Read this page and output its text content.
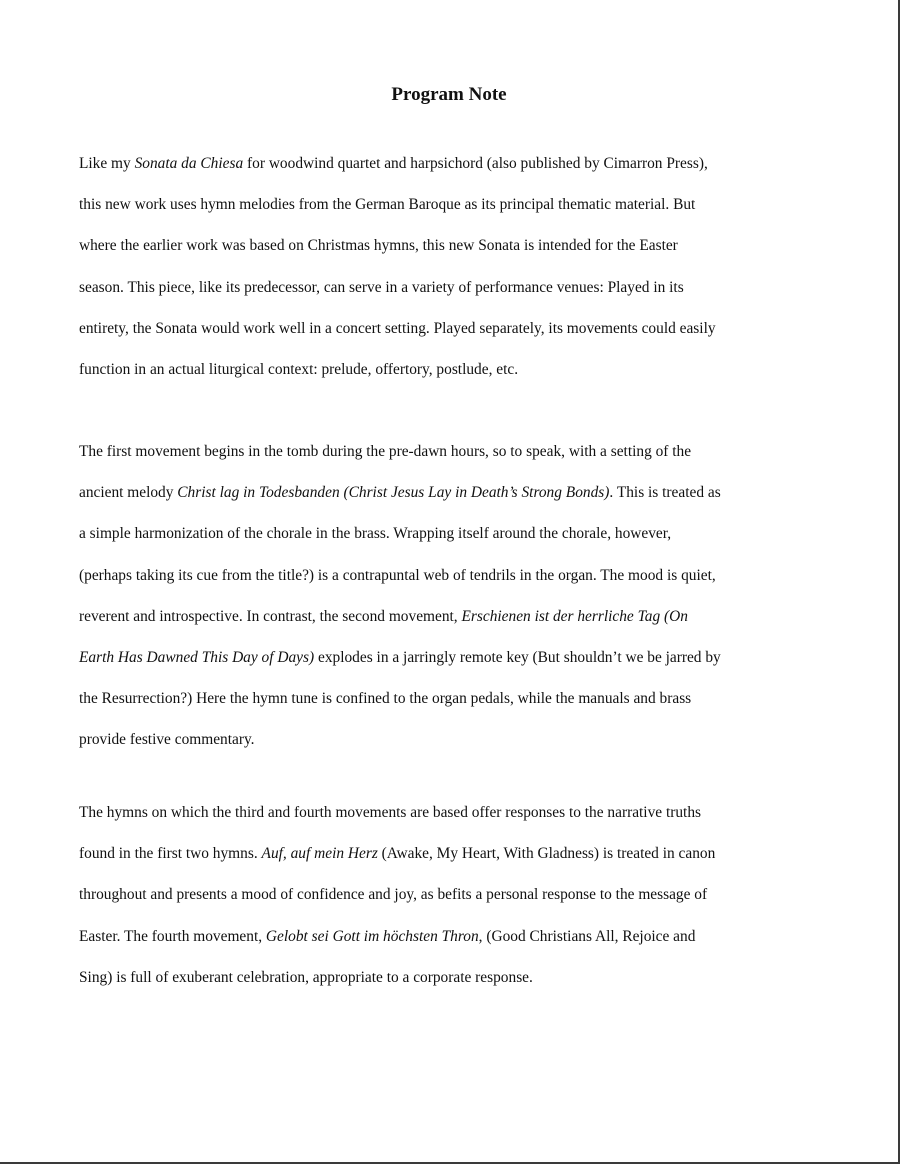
Program Note
Like my Sonata da Chiesa for woodwind quartet and harpsichord (also published by Cimarron Press),
this new work uses hymn melodies from the German Baroque as its principal thematic material. But
where the earlier work was based on Christmas hymns, this new Sonata is intended for the Easter
season. This piece, like its predecessor, can serve in a variety of performance venues: Played in its
entirety, the Sonata would work well in a concert setting. Played separately, its movements could easily
function in an actual liturgical context: prelude, offertory, postlude, etc.
The first movement begins in the tomb during the pre-dawn hours, so to speak, with a setting of the
ancient melody Christ lag in Todesbanden (Christ Jesus Lay in Death’s Strong Bonds). This is treated as
a simple harmonization of the chorale in the brass. Wrapping itself around the chorale, however,
(perhaps taking its cue from the title?) is a contrapuntal web of tendrils in the organ. The mood is quiet,
reverent and introspective. In contrast, the second movement, Erschienen ist der herrliche Tag (On
Earth Has Dawned This Day of Days) explodes in a jarringly remote key (But shouldn’t we be jarred by
the Resurrection?) Here the hymn tune is confined to the organ pedals, while the manuals and brass
provide festive commentary.
The hymns on which the third and fourth movements are based offer responses to the narrative truths
found in the first two hymns. Auf, auf mein Herz (Awake, My Heart, With Gladness) is treated in canon
throughout and presents a mood of confidence and joy, as befits a personal response to the message of
Easter. The fourth movement, Gelobt sei Gott im höchsten Thron, (Good Christians All, Rejoice and
Sing) is full of exuberant celebration, appropriate to a corporate response.
